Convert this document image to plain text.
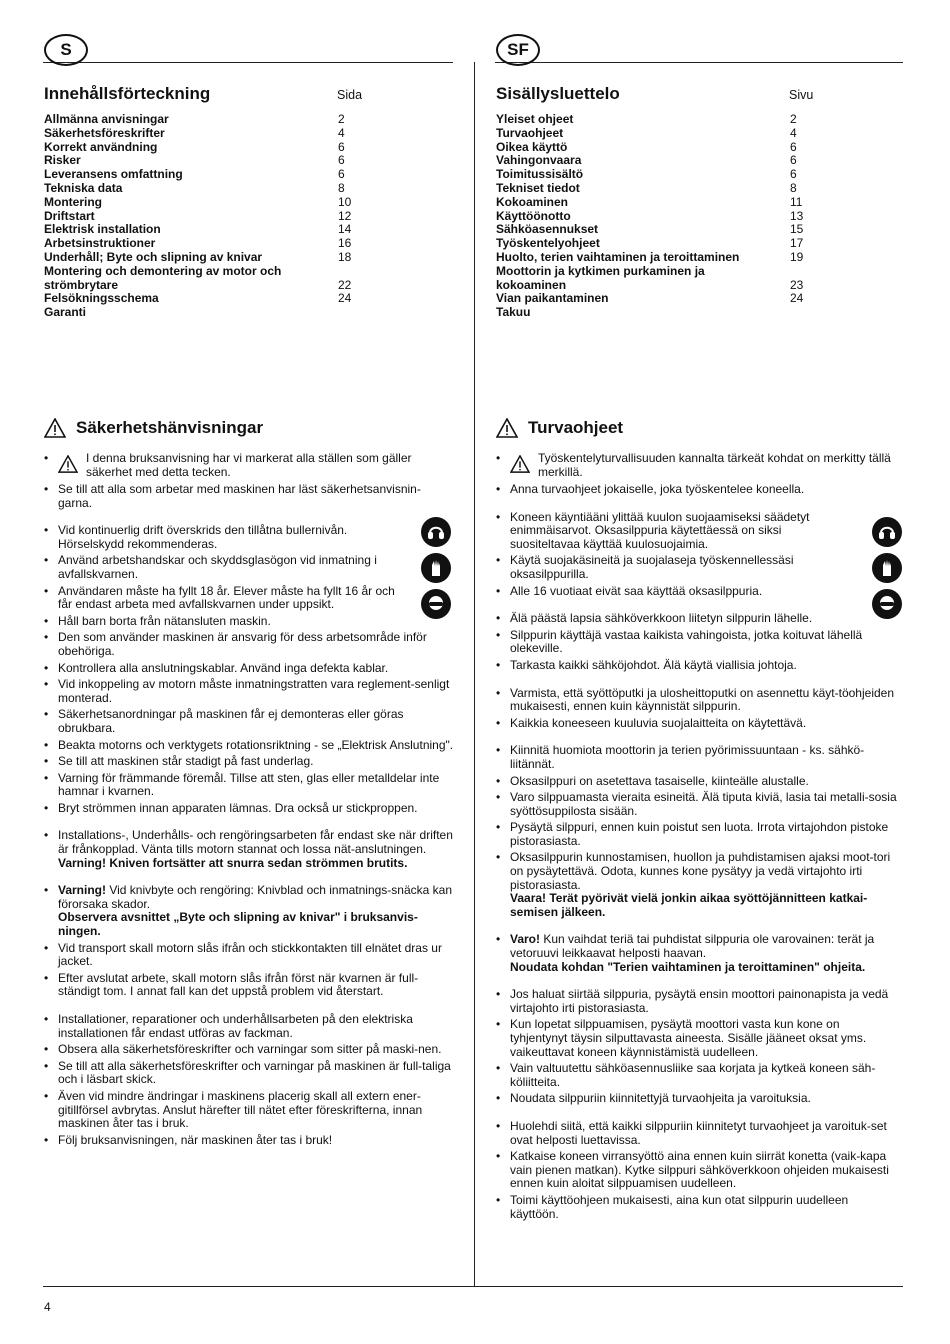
S	SF
Innehållsförteckning	Sida
Allmänna anvisningar	2
Säkerhetsföreskrifter	4
Korrekt användning	6
Risker	6
Leveransens omfattning	6
Tekniska data	8
Montering	10
Driftstart	12
Elektrisk installation	14
Arbetsinstruktioner	16
Underhåll; Byte och slipning av knivar	18
Montering och demontering av motor och
strömbrytare	22
Felsökningsschema	24
Garanti
Sisällysluettelo	Sivu
Yleiset ohjeet	2
Turvaohjeet	4
Oikea käyttö	6
Vahingonvaara	6
Toimitussisältö	6
Tekniset tiedot	8
Kokoaminen	11
Käyttöönotto	13
Sähköasennukset	15
Työskentelyohjeet	17
Huolto, terien vaihtaminen ja teroittaminen	19
Moottorin ja kytkimen purkaminen ja
kokoaminen	23
Vian paikantaminen	24
Takuu
Säkerhetshänvisningar	Turvaohjeet
• I denna bruksanvisning har vi markerat alla ställen som gäller säkerhet med detta tecken.
• Se till att alla som arbetar med maskinen har läst säkerhetsanvisnin-garna.
• Vid kontinuerlig drift överskrids den tillåtna bullernivån. Hörselskydd rekommenderas.
• Använd arbetshandskar och skyddsglasögon vid inmatning i avfallskvarnen.
• Användaren måste ha fyllt 18 år. Elever måste ha fyllt 16 år och får endast arbeta med avfallskvarnen under uppsikt.
• Håll barn borta från nätansluten maskin.
• Den som använder maskinen är ansvarig för dess arbetsområde inför obehöriga.
• Kontrollera alla anslutningskablar. Använd inga defekta kablar.
• Vid inkoppeling av motorn måste inmatningstratten vara reglement-senligt monterad.
• Säkerhetsanordningar på maskinen får ej demonteras eller göras obrukbara.
• Beakta motorns och verktygets rotationsriktning - se „Elektrisk Anslutning".
• Se till att maskinen står stadigt på fast underlag.
• Varning för främmande föremål. Tillse att sten, glas eller metalldelar inte hamnar i kvarnen.
• Bryt strömmen innan apparaten lämnas. Dra också ur stickproppen.
• Installations-, Underhålls- och rengöringsarbeten får endast ske när driften är frånkopplad. Vänta tills motorn stannat och lossa nät-anslutningen.
Varning! Kniven fortsätter att snurra sedan strömmen brutits.
• Varning! Vid knivbyte och rengöring: Knivblad och inmatnings-snäcka kan förorsaka skador.
Observera avsnittet „Byte och slipning av knivar" i bruksanvis-ningen.
• Vid transport skall motorn slås ifrån och stickkontakten till elnätet dras ur jacket.
• Efter avslutat arbete, skall motorn slås ifrån först när kvarnen är full-ständigt tom. I annat fall kan det uppstå problem vid återstart.
• Installationer, reparationer och underhållsarbeten på den elektriska installationen får endast utföras av fackman.
• Obsera alla säkerhetsföreskrifter och varningar som sitter på maski-nen.
• Se till att alla säkerhetsföreskrifter och varningar på maskinen är full-taliga och i läsbart skick.
• Även vid mindre ändringar i maskinens placerig skall all extern ener-gitillförsel avbrytas. Anslut härefter till nätet efter föreskrifterna, innan maskinen åter tas i bruk.
• Följ bruksanvisningen, när maskinen åter tas i bruk!
• Työskentelyturvallisuuden kannalta tärkeät kohdat on merkitty tällä merkillä.
• Anna turvaohjeet jokaiselle, joka työskentelee koneella.
• Koneen käyntiääni ylittää kuulon suojaamiseksi säädetyt enimmäisarvot. Oksasilppuria käytettäessä on siksi suositeltavaa käyttää kuulosuojaimia.
• Käytä suojakäsineitä ja suojalaseja työskennellessäsi oksasilppurilla.
• Alle 16 vuotiaat eivät saa käyttää oksasilppuria.
• Älä päästä lapsia sähköverkkoon liitetyn silppurin lähelle.
• Silppurin käyttäjä vastaa kaikista vahingoista, jotka koituvat lähellä olekeville.
• Tarkasta kaikki sähköjohdot. Älä käytä viallisia johtoja.
• Varmista, että syöttöputki ja ulosheittoputki on asennettu käyt-töohjeiden mukaisesti, ennen kuin käynnistät silppurin.
• Kaikkia koneeseen kuuluvia suojalaitteita on käytettävä.
• Kiinnitä huomiota moottorin ja terien pyörimissuuntaan - ks. sähkö-liitännät.
• Oksasilppuri on asetettava tasaiselle, kiinteälle alustalle.
• Varo silppuamasta vieraita esineitä. Älä tiputa kiviä, lasia tai metalli-sosia syöttösuppilosta sisään.
• Pysäytä silppuri, ennen kuin poistut sen luota. Irrota virtajohdon pistoke pistorasiasta.
• Oksasilppurin kunnostamisen, huollon ja puhdistamisen ajaksi moot-tori on pysäytettävä. Odota, kunnes kone pysätyy ja vedä virtajohto irti pistorasiasta.
Vaara! Terät pyörivät vielä jonkin aikaa syöttöjännitteen katkai-semisen jälkeen.
• Varo! Kun vaihdat teriä tai puhdistat silppuria ole varovainen: terät ja vetoruuvi leikkaavat helposti haavan.
Noudata kohdan "Terien vaihtaminen ja teroittaminen" ohjeita.
• Jos haluat siirtää silppuria, pysäytä ensin moottori painonapista ja vedä virtajohto irti pistorasiasta.
• Kun lopetat silppuamisen, pysäytä moottori vasta kun kone on tyhjentynyt täysin silputtavasta aineesta. Sisälle jääneet oksat yms. vaikeuttavat koneen käynnistämistä uudelleen.
• Vain valtuutettu sähköasennusliike saa korjata ja kytkeä koneen säh-köliitteita.
• Noudata silppuriin kiinnitettyjä turvaohjeita ja varoituksia.
• Huolehdi siitä, että kaikki silppuriin kiinnitetyt turvaohjeet ja varoituk-set ovat helposti luettavissa.
• Katkaise koneen virransyöttö aina ennen kuin siirrät konetta (vaik-kapa vain pienen matkan). Kytke silppuri sähköverkkoon ohjeiden mukaisesti ennen kuin aloitat silppuamisen uudelleen.
• Toimi käyttöohjeen mukaisesti, aina kun otat silppurin uudelleen käyttöön.
4
